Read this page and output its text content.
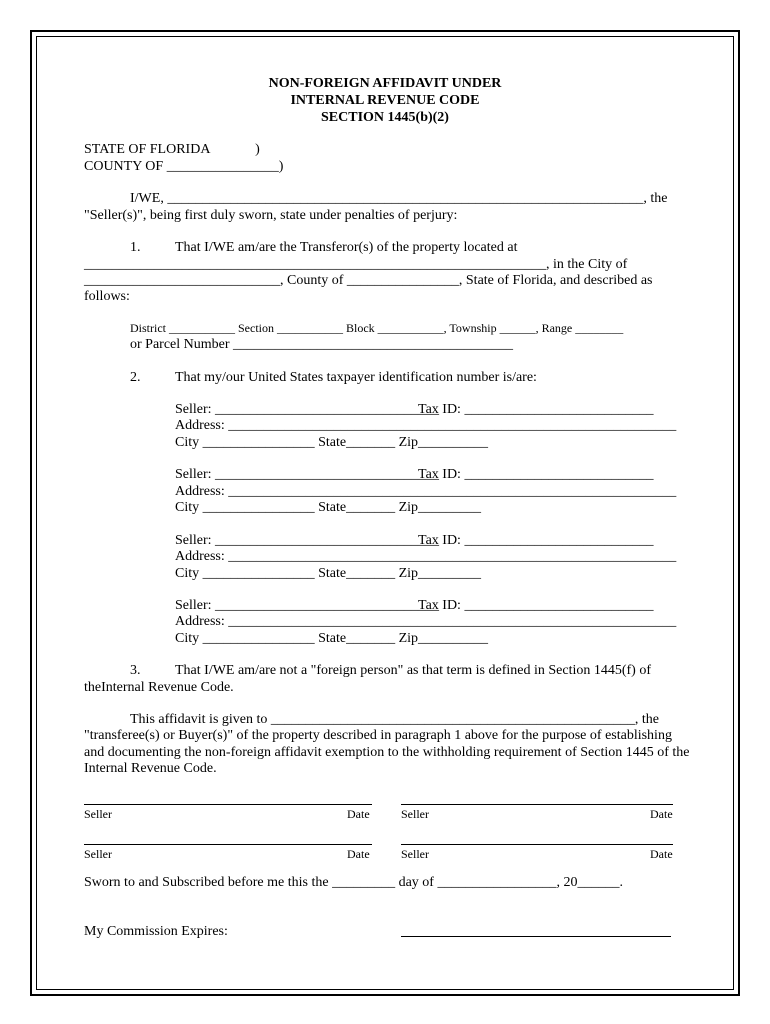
NON-FOREIGN AFFIDAVIT UNDER
INTERNAL REVENUE CODE
SECTION 1445(b)(2)
STATE OF FLORIDA             )
COUNTY OF ________________)
I/WE, ____________________________________________________________________, the
"Seller(s)", being first duly sworn, state under penalties of perjury:
1. That I/WE am/are the Transferor(s) of the property located at
__________________________________________________________________, in the City of
____________________________, County of ________________, State of Florida, and described as
follows:
District ___________ Section ___________ Block ___________, Township ______, Range ________
or Parcel Number ________________________________________
2. That my/our United States taxpayer identification number is/are:
Seller: ________________________________
Tax ID: ___________________________
Address: ________________________________________________________________
City ________________ State_______ Zip__________
Seller: ________________________________
Tax ID: ___________________________
Address: ________________________________________________________________
City ________________ State_______ Zip_________
Seller: ________________________________
Tax ID: ___________________________
Address: ________________________________________________________________
City ________________ State_______ Zip_________
Seller: ________________________________
Tax ID: ___________________________
Address: ________________________________________________________________
City ________________ State_______ Zip__________
3. That I/WE am/are not a "foreign person" as that term is defined in Section 1445(f) of
theInternal Revenue Code.
This affidavit is given to ____________________________________________________, the
"transferee(s) or Buyer(s)" of the property described in paragraph 1 above for the purpose of establishing
and documenting the non-foreign affidavit exemption to the withholding requirement of Section 1445 of the
Internal Revenue Code.
Seller	Date	Seller	Date
Seller	Date	Seller	Date
Sworn to and Subscribed before me this the _________ day of _________________, 20______.
My Commission Expires:
